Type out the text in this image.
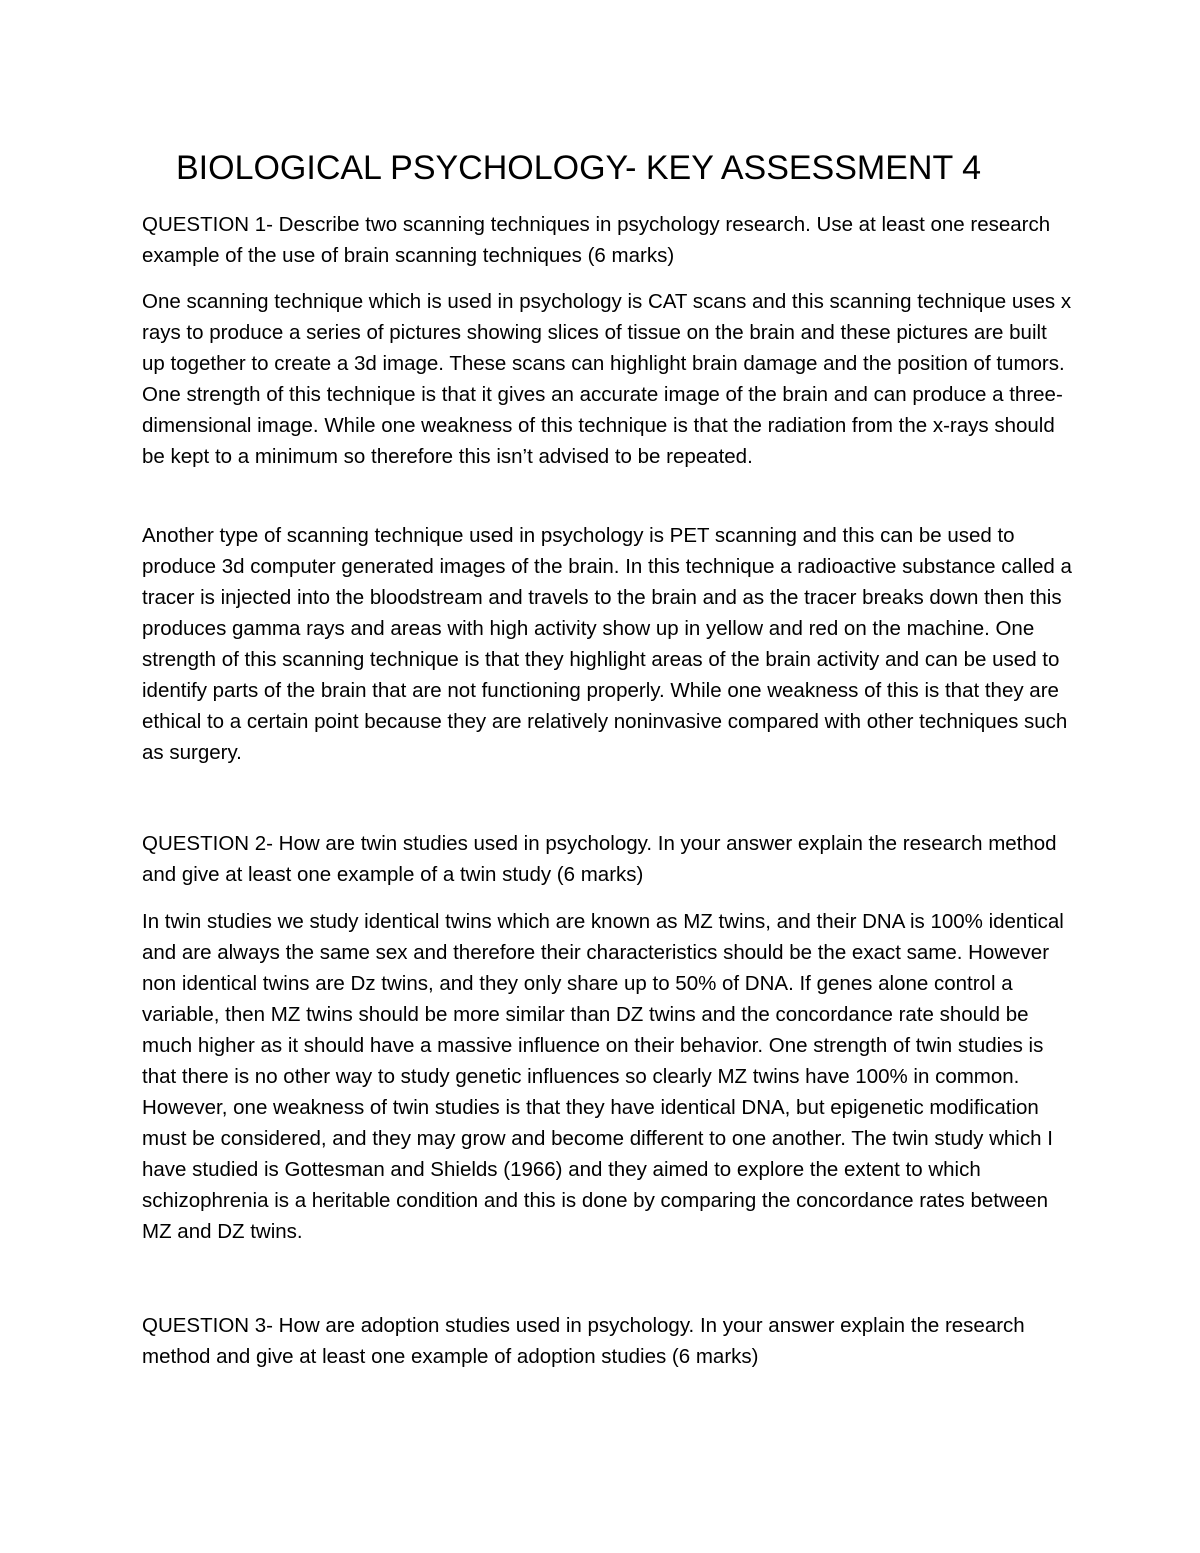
BIOLOGICAL PSYCHOLOGY- KEY ASSESSMENT 4

QUESTION 1- Describe two scanning techniques in psychology research. Use at least one research example of the use of brain scanning techniques (6 marks)

One scanning technique which is used in psychology is CAT scans and this scanning technique uses x rays to produce a series of pictures showing slices of tissue on the brain and these pictures are built up together to create a 3d image. These scans can highlight brain damage and the position of tumors. One strength of this technique is that it gives an accurate image of the brain and can produce a three-dimensional image. While one weakness of this technique is that the radiation from the x-rays should be kept to a minimum so therefore this isn’t advised to be repeated.

Another type of scanning technique used in psychology is PET scanning and this can be used to produce 3d computer generated images of the brain. In this technique a radioactive substance called a tracer is injected into the bloodstream and travels to the brain and as the tracer breaks down then this produces gamma rays and areas with high activity show up in yellow and red on the machine. One strength of this scanning technique is that they highlight areas of the brain activity and can be used to identify parts of the brain that are not functioning properly. While one weakness of this is that they are ethical to a certain point because they are relatively noninvasive compared with other techniques such as surgery.

QUESTION 2- How are twin studies used in psychology. In your answer explain the research method and give at least one example of a twin study (6 marks)

In twin studies we study identical twins which are known as MZ twins, and their DNA is 100% identical and are always the same sex and therefore their characteristics should be the exact same. However non identical twins are Dz twins, and they only share up to 50% of DNA. If genes alone control a variable, then MZ twins should be more similar than DZ twins and the concordance rate should be much higher as it should have a massive influence on their behavior. One strength of twin studies is that there is no other way to study genetic influences so clearly MZ twins have 100% in common. However, one weakness of twin studies is that they have identical DNA, but epigenetic modification must be considered, and they may grow and become different to one another. The twin study which I have studied is Gottesman and Shields (1966) and they aimed to explore the extent to which schizophrenia is a heritable condition and this is done by comparing the concordance rates between MZ and DZ twins.

QUESTION 3- How are adoption studies used in psychology. In your answer explain the research method and give at least one example of adoption studies (6 marks)
